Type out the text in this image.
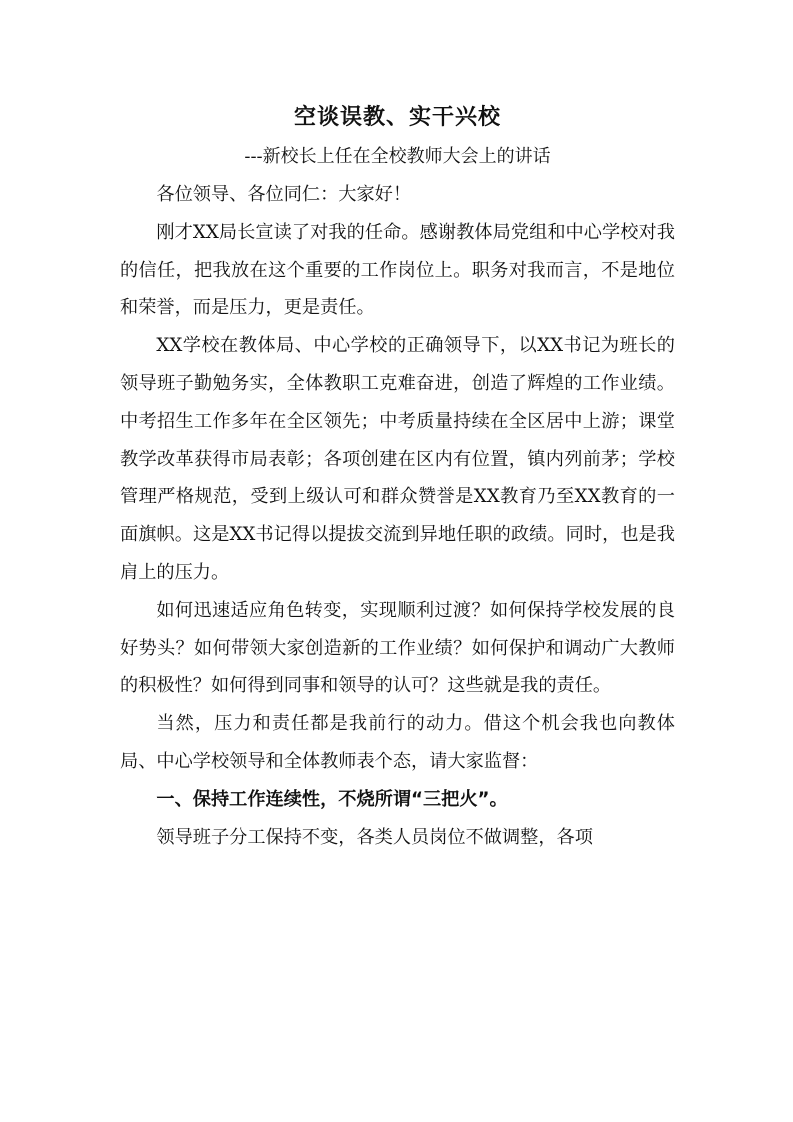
空谈误教、实干兴校

---新校长上任在全校教师大会上的讲话

各位领导、各位同仁：大家好！

刚才XX局长宣读了对我的任命。感谢教体局党组和中心学校对我的信任，把我放在这个重要的工作岗位上。职务对我而言，不是地位和荣誉，而是压力，更是责任。

XX学校在教体局、中心学校的正确领导下，以XX书记为班长的领导班子勤勉务实，全体教职工克难奋进，创造了辉煌的工作业绩。中考招生工作多年在全区领先；中考质量持续在全区居中上游；课堂教学改革获得市局表彰；各项创建在区内有位置，镇内列前茅；学校管理严格规范，受到上级认可和群众赞誉是XX教育乃至XX教育的一面旗帜。这是XX书记得以提拔交流到异地任职的政绩。同时，也是我肩上的压力。

如何迅速适应角色转变，实现顺利过渡？如何保持学校发展的良好势头？如何带领大家创造新的工作业绩？如何保护和调动广大教师的积极性？如何得到同事和领导的认可？这些就是我的责任。

当然，压力和责任都是我前行的动力。借这个机会我也向教体局、中心学校领导和全体教师表个态，请大家监督：

一、保持工作连续性，不烧所谓“三把火”。

领导班子分工保持不变，各类人员岗位不做调整，各项
